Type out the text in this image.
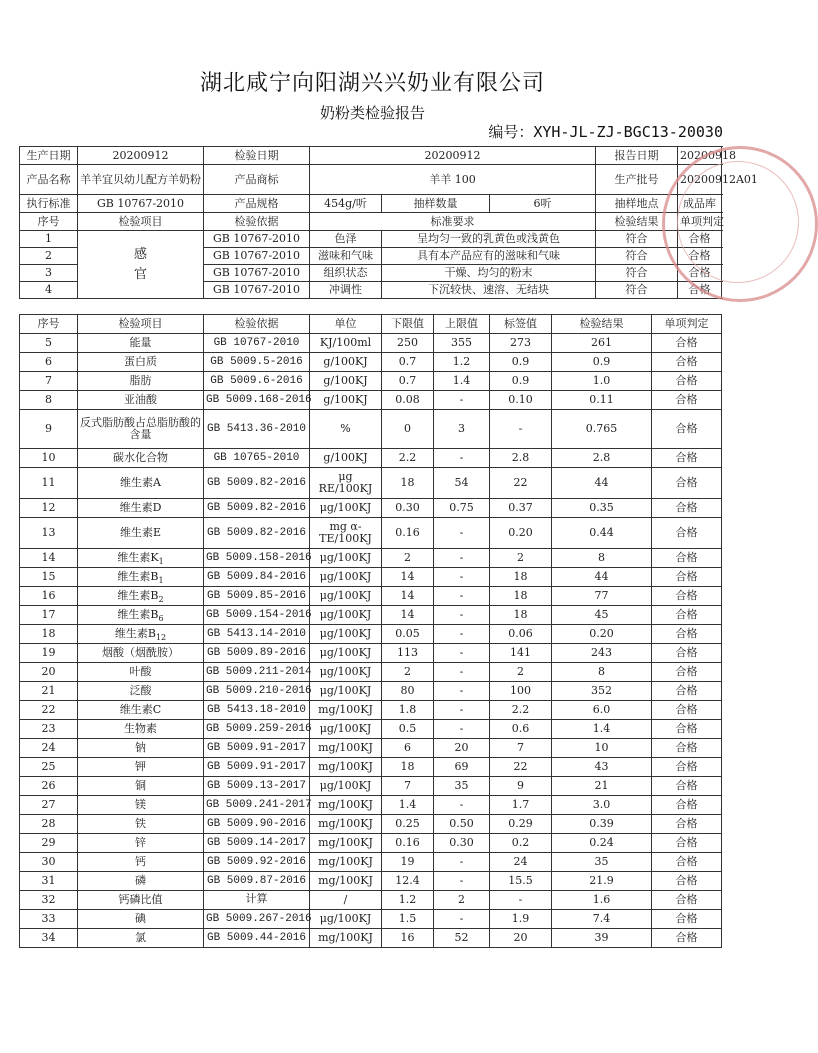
湖北咸宁向阳湖兴兴奶业有限公司
奶粉类检验报告
编号：XYH-JL-ZJ-BGC13-20030
生产日期	20200912	检验日期	20200912			报告日期	20200918
产品名称	羊羊宜贝幼儿配方羊奶粉	产品商标	羊羊 100			生产批号	20200912A01
执行标准	GB 10767-2010	产品规格	454g/听	抽样数量	6听	抽样地点	成品库
序号	检验项目	检验依据	标准要求			检验结果	单项判定
1	感官	GB 10767-2010	色泽	呈均匀一致的乳黄色或浅黄色		符合	合格
2		GB 10767-2010	滋味和气味	具有本产品应有的滋味和气味		符合	合格
3		GB 10767-2010	组织状态	干燥、均匀的粉末		符合	合格
4		GB 10767-2010	冲调性	下沉较快、速溶、无结块		符合	合格
序号	检验项目	检验依据	单位	下限值	上限值	标签值	检验结果	单项判定
5	能量	GB 10767-2010	KJ/100ml	250	355	273	261	合格
6	蛋白质	GB 5009.5-2016	g/100KJ	0.7	1.2	0.9	0.9	合格
7	脂肪	GB 5009.6-2016	g/100KJ	0.7	1.4	0.9	1.0	合格
8	亚油酸	GB 5009.168-2016	g/100KJ	0.08	-	0.10	0.11	合格
9	反式脂肪酸占总脂肪酸的含量	GB 5413.36-2010	%	0	3	-	0.765	合格
10	碳水化合物	GB 10765-2010	g/100KJ	2.2	-	2.8	2.8	合格
11	维生素A	GB 5009.82-2016	μg RE/100KJ	18	54	22	44	合格
12	维生素D	GB 5009.82-2016	μg/100KJ	0.30	0.75	0.37	0.35	合格
13	维生素E	GB 5009.82-2016	mg α-TE/100KJ	0.16	-	0.20	0.44	合格
14	维生素$K_1$	GB 5009.158-2016	μg/100KJ	2	-	2	8	合格
15	维生素$B_1$	GB 5009.84-2016	μg/100KJ	14	-	18	44	合格
16	维生素$B_2$	GB 5009.85-2016	μg/100KJ	14	-	18	77	合格
17	维生素$B_6$	GB 5009.154-2016	μg/100KJ	14	-	18	45	合格
18	维生素$B_{12}$	GB 5413.14-2010	μg/100KJ	0.05	-	0.06	0.20	合格
19	烟酸（烟酰胺）	GB 5009.89-2016	μg/100KJ	113	-	141	243	合格
20	叶酸	GB 5009.211-2014	μg/100KJ	2	-	2	8	合格
21	泛酸	GB 5009.210-2016	μg/100KJ	80	-	100	352	合格
22	维生素C	GB 5413.18-2010	mg/100KJ	1.8	-	2.2	6.0	合格
23	生物素	GB 5009.259-2016	μg/100KJ	0.5	-	0.6	1.4	合格
24	钠	GB 5009.91-2017	mg/100KJ	6	20	7	10	合格
25	钾	GB 5009.91-2017	mg/100KJ	18	69	22	43	合格
26	铜	GB 5009.13-2017	μg/100KJ	7	35	9	21	合格
27	镁	GB 5009.241-2017	mg/100KJ	1.4	-	1.7	3.0	合格
28	铁	GB 5009.90-2016	mg/100KJ	0.25	0.50	0.29	0.39	合格
29	锌	GB 5009.14-2017	mg/100KJ	0.16	0.30	0.2	0.24	合格
30	钙	GB 5009.92-2016	mg/100KJ	19	-	24	35	合格
31	磷	GB 5009.87-2016	mg/100KJ	12.4	-	15.5	21.9	合格
32	钙磷比值	计算	/	1.2	2	-	1.6	合格
33	碘	GB 5009.267-2016	μg/100KJ	1.5	-	1.9	7.4	合格
34	氯	GB 5009.44-2016	mg/100KJ	16	52	20	39	合格
